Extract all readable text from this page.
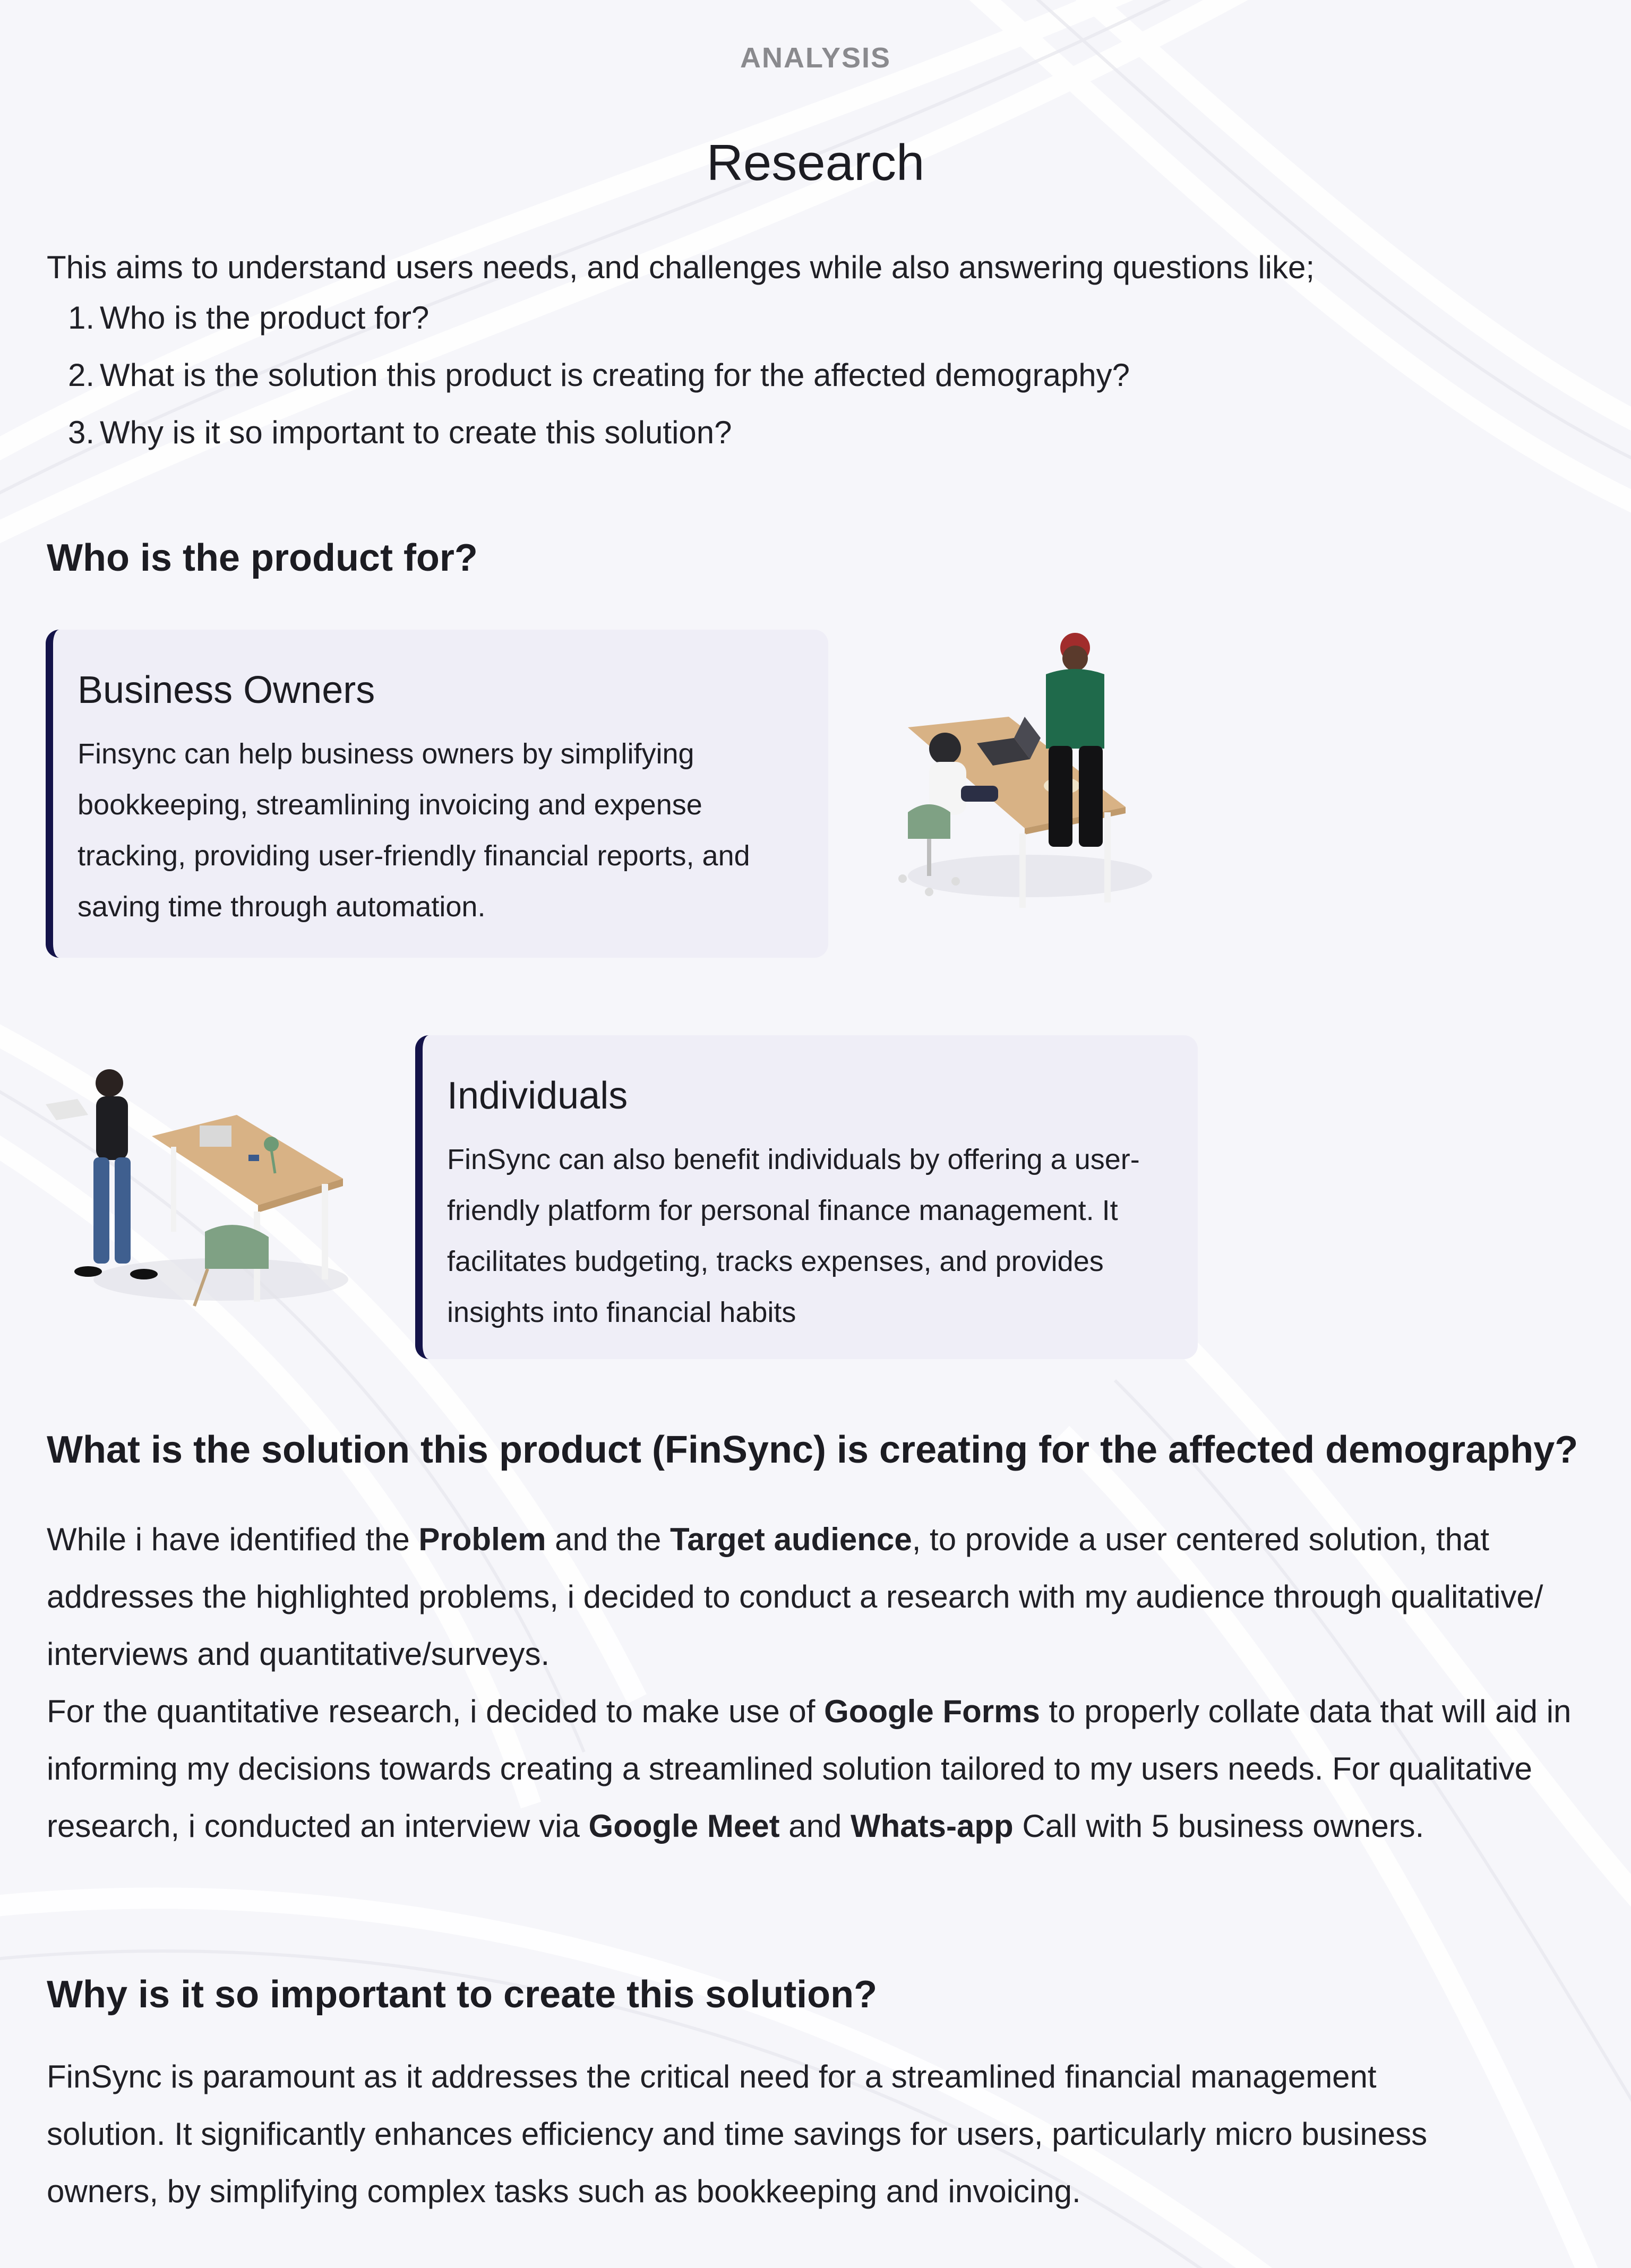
ANALYSIS
Research
This aims to understand users needs, and challenges while also answering questions like;
1. Who is the product for?
2. What is the solution this product is creating for the affected demography?
3. Why is it so important to create this solution?
Who is the product for?
Business Owners
Finsync can help business owners by simplifying bookkeeping, streamlining invoicing and expense tracking, providing user-friendly financial reports, and saving time through automation.
Individuals
FinSync can also benefit individuals by offering a user-friendly platform for personal finance management. It facilitates budgeting, tracks expenses, and provides insights into financial habits
What is the solution this product (FinSync) is creating for the affected demography?
While i have identified the Problem and the Target audience, to provide a user centered solution, that addresses the highlighted problems, i decided to conduct a research with my audience through qualitative/ interviews and quantitative/surveys.
For the quantitative research, i decided to make use of Google Forms to properly collate data that will aid in informing my decisions towards creating a streamlined solution tailored to my users needs. For qualitative research, i conducted an interview via Google Meet and Whats-app Call with 5 business owners.
Why is it so important to create this solution?
FinSync is paramount as it addresses the critical need for a streamlined financial management solution. It significantly enhances efficiency and time savings for users, particularly micro business owners, by simplifying complex tasks such as bookkeeping and invoicing.
